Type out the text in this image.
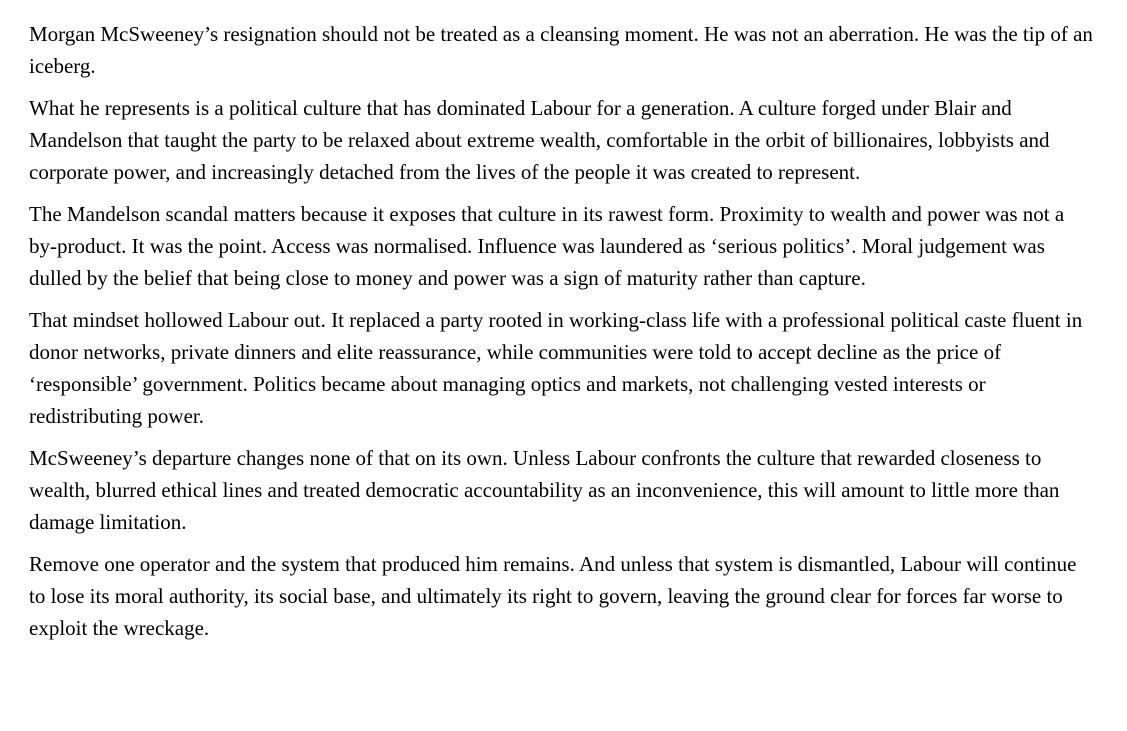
Morgan McSweeney’s resignation should not be treated as a cleansing moment. He was not an aberration. He was the tip of an iceberg.

What he represents is a political culture that has dominated Labour for a generation. A culture forged under Blair and Mandelson that taught the party to be relaxed about extreme wealth, comfortable in the orbit of billionaires, lobbyists and corporate power, and increasingly detached from the lives of the people it was created to represent.

The Mandelson scandal matters because it exposes that culture in its rawest form. Proximity to wealth and power was not a by-product. It was the point. Access was normalised. Influence was laundered as ‘serious politics’. Moral judgement was dulled by the belief that being close to money and power was a sign of maturity rather than capture.

That mindset hollowed Labour out. It replaced a party rooted in working-class life with a professional political caste fluent in donor networks, private dinners and elite reassurance, while communities were told to accept decline as the price of ‘responsible’ government. Politics became about managing optics and markets, not challenging vested interests or redistributing power.

McSweeney’s departure changes none of that on its own. Unless Labour confronts the culture that rewarded closeness to wealth, blurred ethical lines and treated democratic accountability as an inconvenience, this will amount to little more than damage limitation.

Remove one operator and the system that produced him remains. And unless that system is dismantled, Labour will continue to lose its moral authority, its social base, and ultimately its right to govern, leaving the ground clear for forces far worse to exploit the wreckage.
